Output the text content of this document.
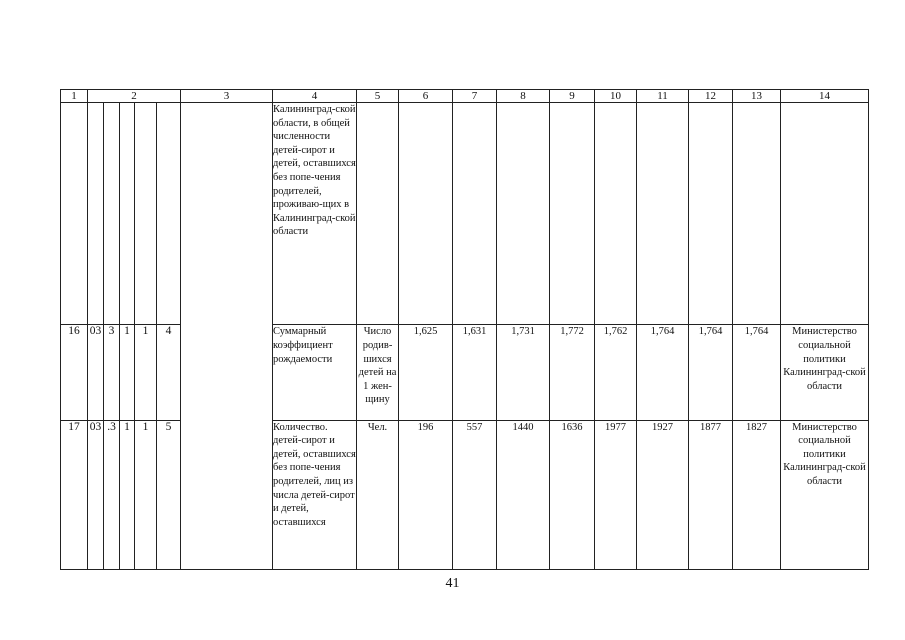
1	2					3	4	5	6	7	8	9	10	11	12	13	14
							Калининград-ской области, в общей численности детей-сирот и детей, оставшихся без попе-чения родителей, проживаю-щих в Калининград-ской области										
16	03	3	1	1	4		Суммарный коэффициент рождаемости	Число родив-шихся детей на 1 жен-щину	1,625	1,631	1,731	1,772	1,762	1,764	1,764	1,764	Министерство социальной политики Калининград-ской области
17	03	.3	1	1	5		Количество. детей-сирот и детей, оставшихся без попе-чения родителей, лиц из числа детей-сирот и детей, оставшихся	Чел.	196	557	1440	1636	1977	1927	1877	1827	Министерство социальной политики Калининград-ской области
41
